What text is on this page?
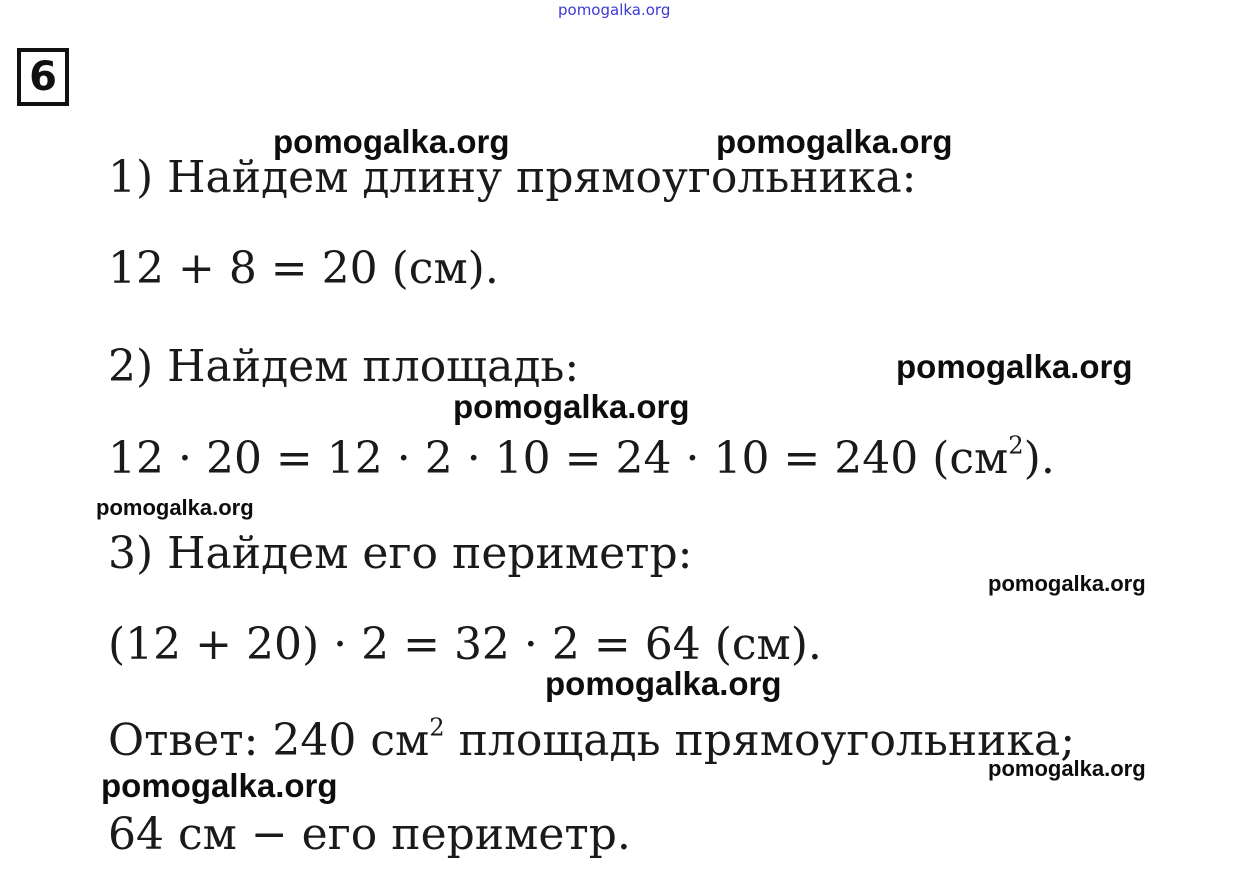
pomogalka.org
6
1) Найдем длину прямоугольника:
12 + 8 = 20 (см).
2) Найдем площадь:
12 · 20 = 12 · 2 · 10 = 24 · 10 = 240 $(см^2)$.
3) Найдем его периметр:
(12 + 20) · 2 = 32 · 2 = 64 (см).
Ответ: 240 $см^2$ площадь прямоугольника;
64 см − его периметр.
pomogalka.org	pomogalka.org
pomogalka.org
pomogalka.org
pomogalka.org
pomogalka.org
pomogalka.org
pomogalka.org
pomogalka.org
